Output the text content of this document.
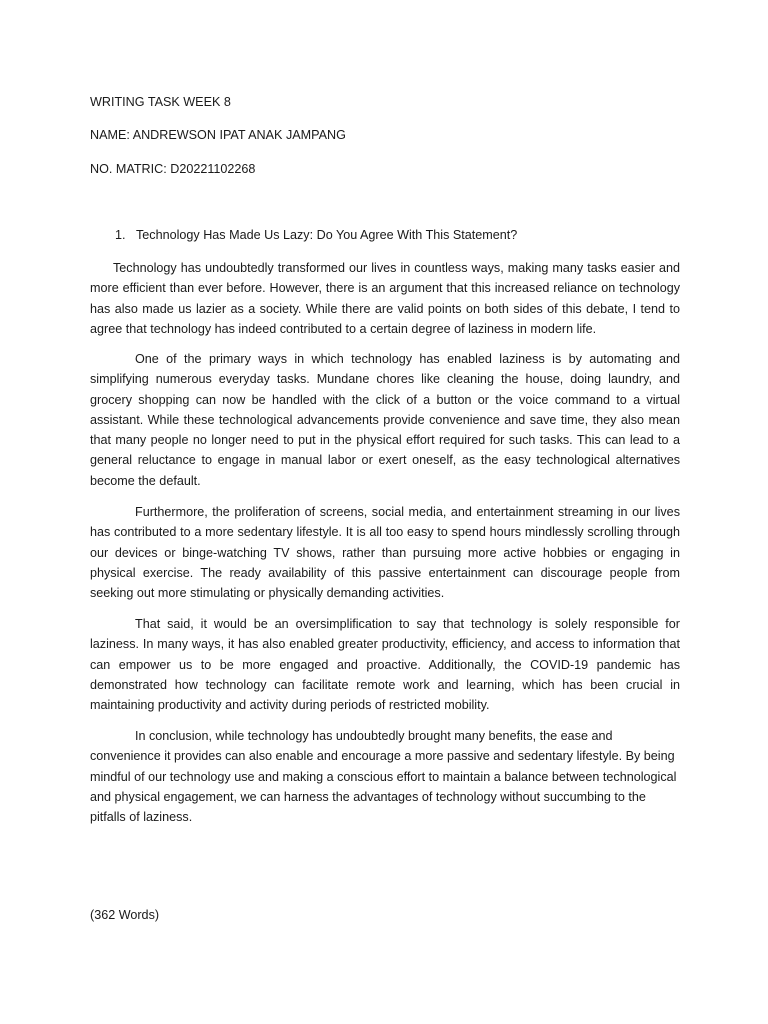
WRITING TASK WEEK 8

NAME: ANDREWSON IPAT ANAK JAMPANG

NO. MATRIC: D20221102268

1. Technology Has Made Us Lazy: Do You Agree With This Statement?

Technology has undoubtedly transformed our lives in countless ways, making many tasks easier and more efficient than ever before. However, there is an argument that this increased reliance on technology has also made us lazier as a society. While there are valid points on both sides of this debate, I tend to agree that technology has indeed contributed to a certain degree of laziness in modern life.

One of the primary ways in which technology has enabled laziness is by automating and simplifying numerous everyday tasks. Mundane chores like cleaning the house, doing laundry, and grocery shopping can now be handled with the click of a button or the voice command to a virtual assistant. While these technological advancements provide convenience and save time, they also mean that many people no longer need to put in the physical effort required for such tasks. This can lead to a general reluctance to engage in manual labor or exert oneself, as the easy technological alternatives become the default.

Furthermore, the proliferation of screens, social media, and entertainment streaming in our lives has contributed to a more sedentary lifestyle. It is all too easy to spend hours mindlessly scrolling through our devices or binge-watching TV shows, rather than pursuing more active hobbies or engaging in physical exercise. The ready availability of this passive entertainment can discourage people from seeking out more stimulating or physically demanding activities.

That said, it would be an oversimplification to say that technology is solely responsible for laziness. In many ways, it has also enabled greater productivity, efficiency, and access to information that can empower us to be more engaged and proactive. Additionally, the COVID-19 pandemic has demonstrated how technology can facilitate remote work and learning, which has been crucial in maintaining productivity and activity during periods of restricted mobility.

In conclusion, while technology has undoubtedly brought many benefits, the ease and convenience it provides can also enable and encourage a more passive and sedentary lifestyle. By being mindful of our technology use and making a conscious effort to maintain a balance between technological and physical engagement, we can harness the advantages of technology without succumbing to the pitfalls of laziness.

(362 Words)
